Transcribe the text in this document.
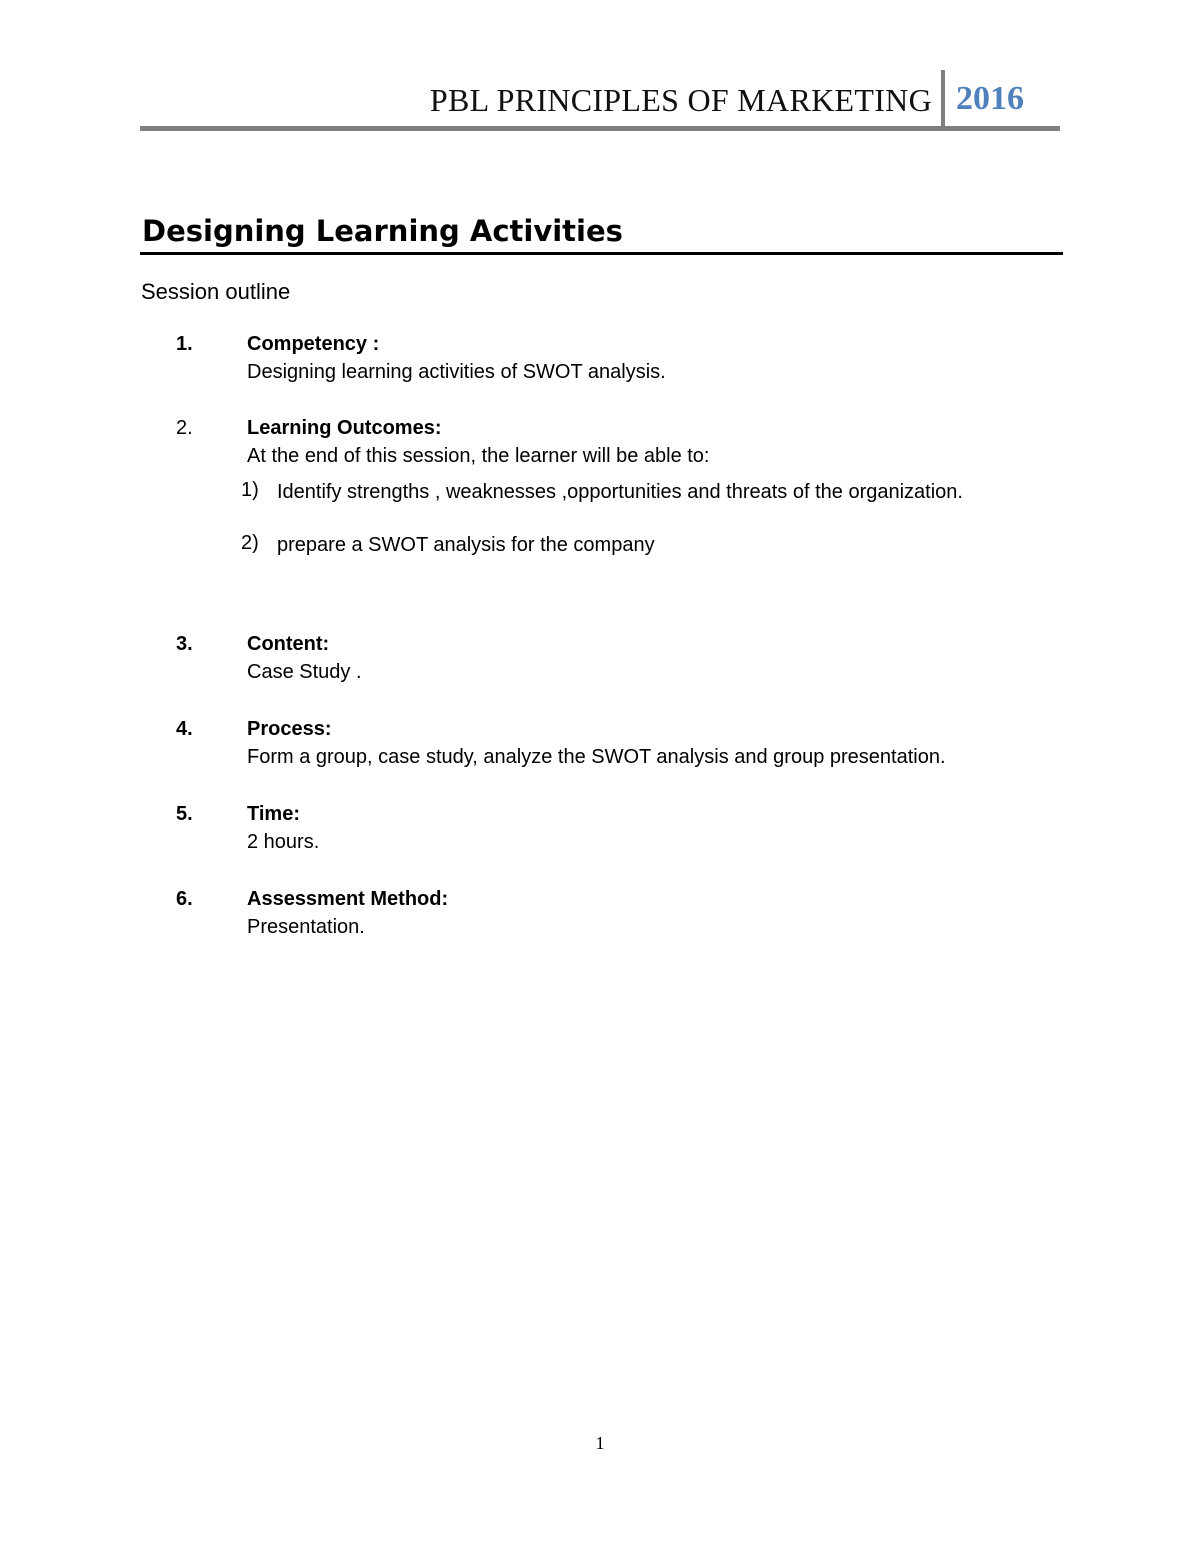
PBL PRINCIPLES OF MARKETING 2016
Designing Learning Activities
Session outline
1.	Competency :
Designing learning activities of SWOT analysis.
2.	Learning Outcomes:
At the end of this session, the learner will be able to:
1) Identify strengths , weaknesses ,opportunities and threats of the organization.
2) prepare a SWOT analysis for the company
3.	Content:
Case Study .
4.	Process:
Form a group, case study, analyze the SWOT analysis and group presentation.
5.	Time:
2 hours.
6.	Assessment Method:
Presentation.
1
